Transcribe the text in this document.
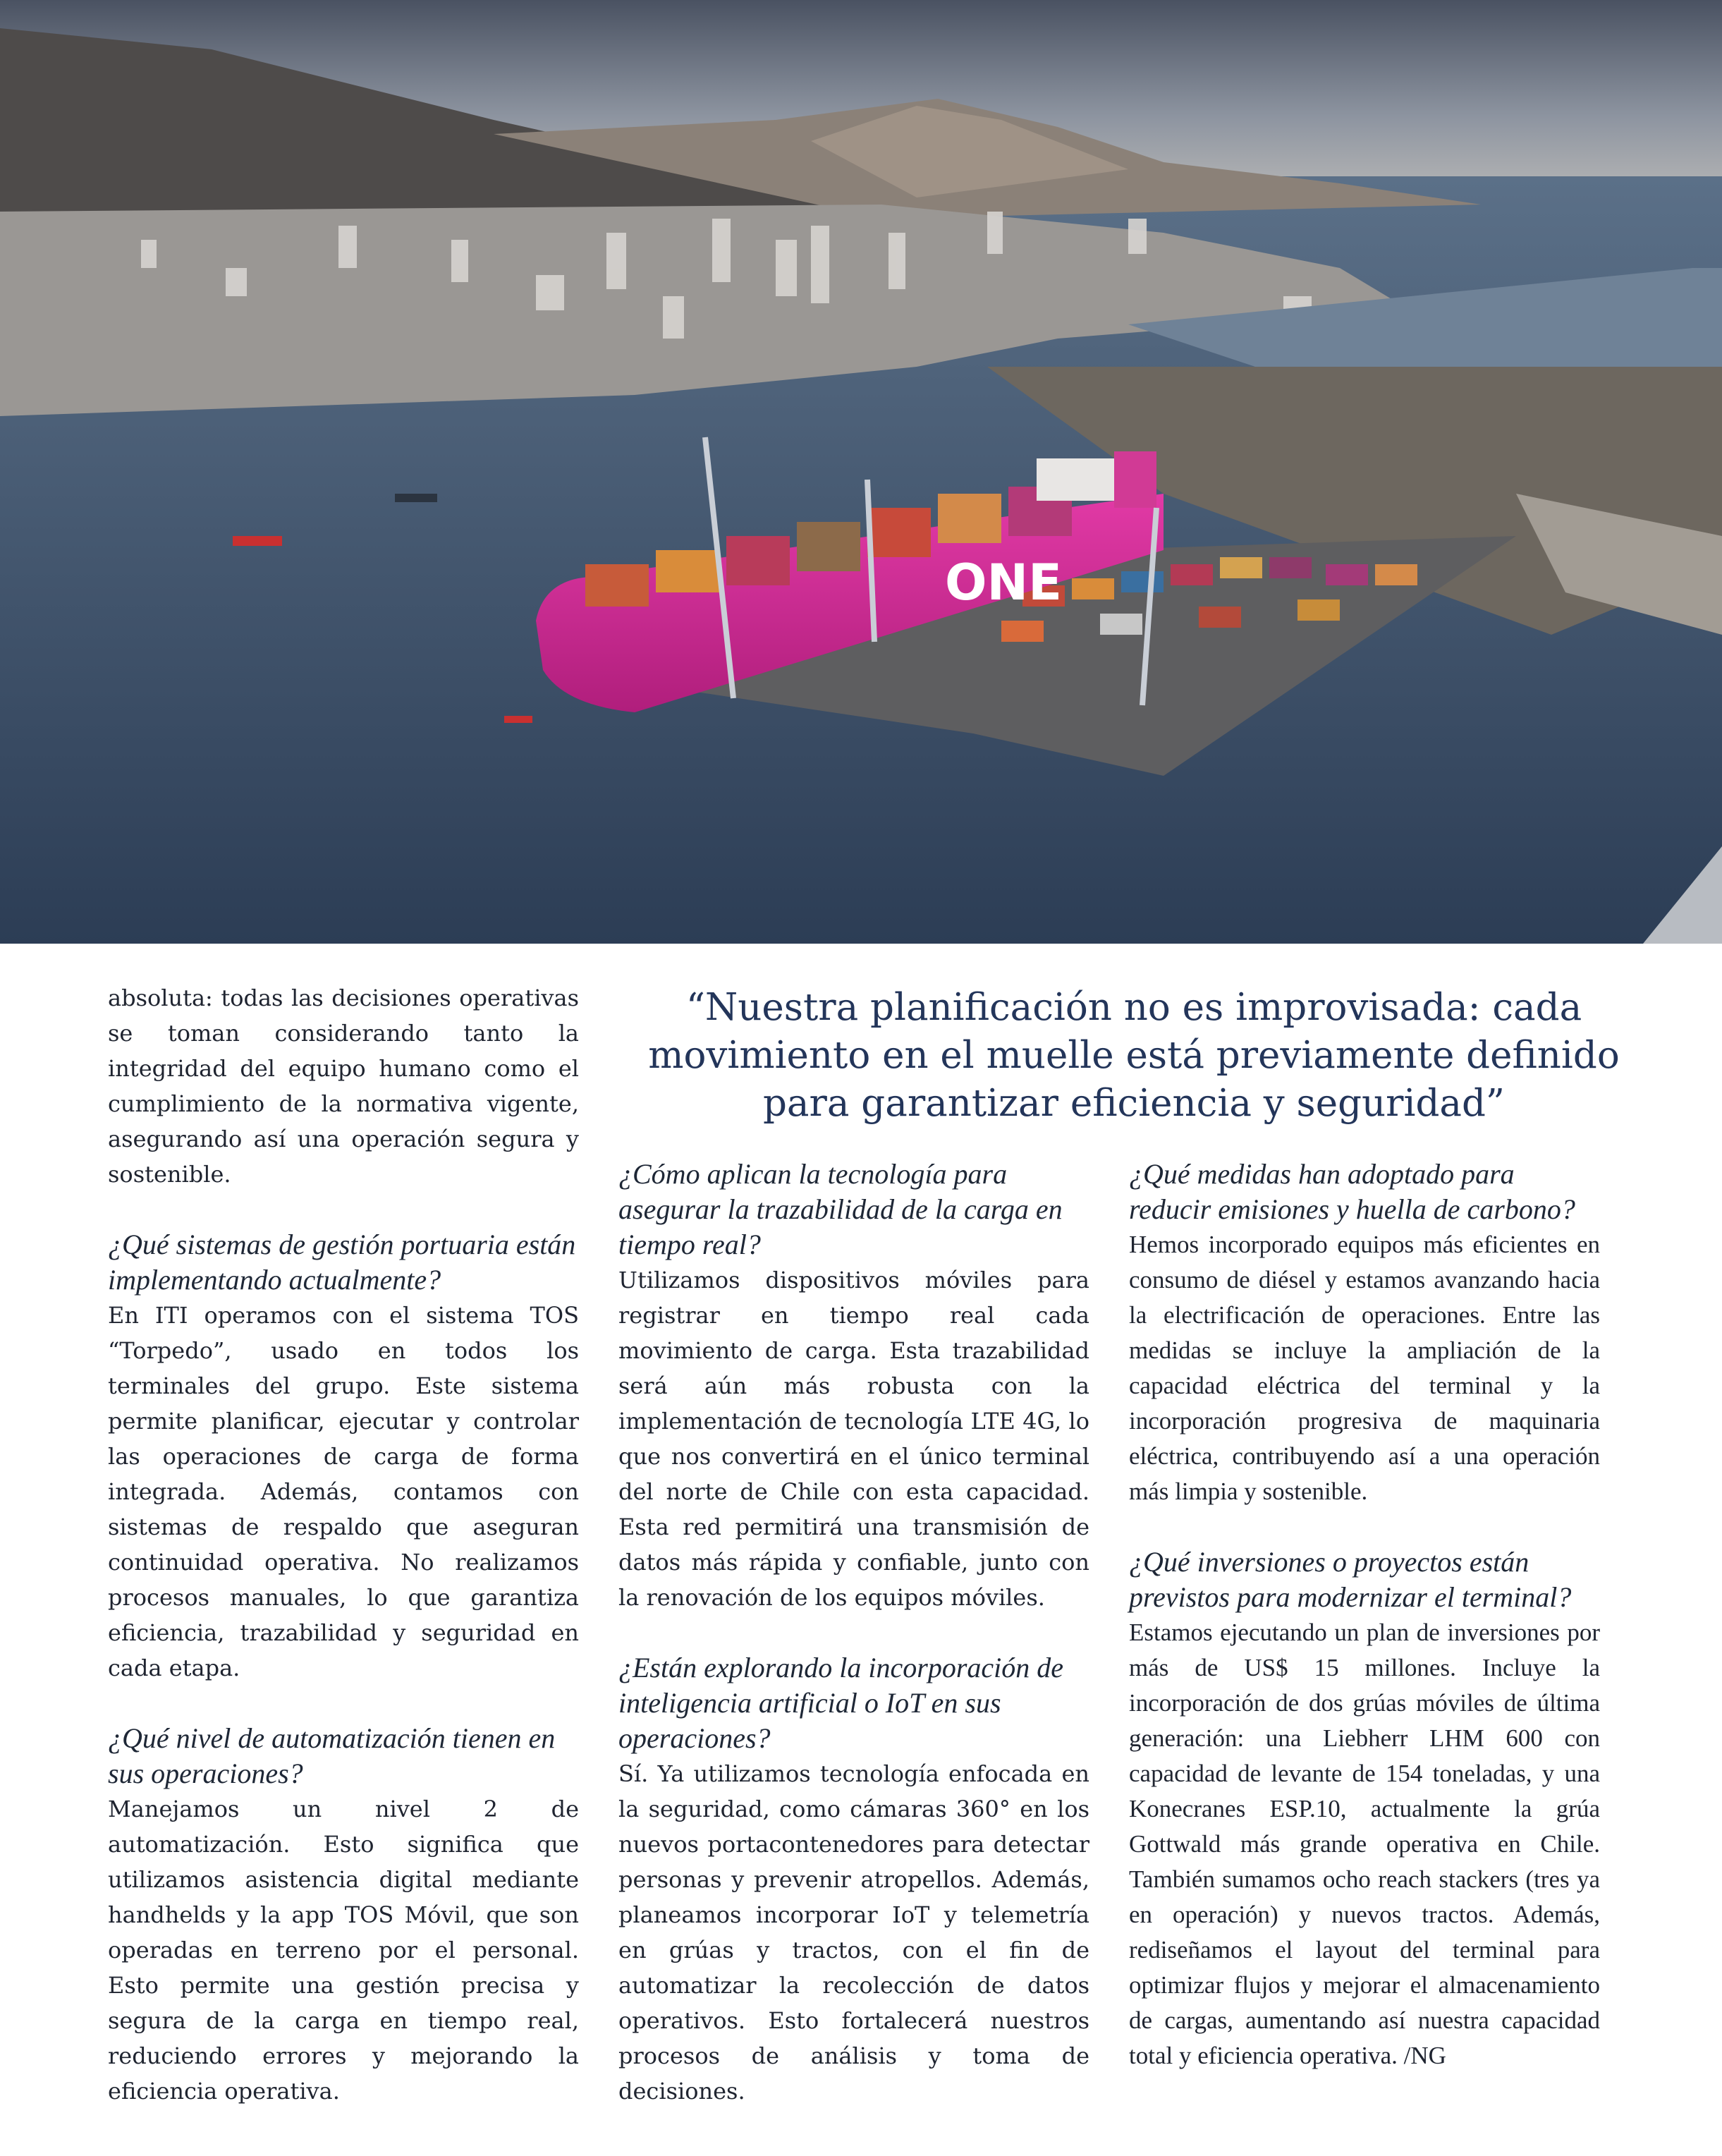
ONE

“Nuestra planificación no es improvisada: cada movimiento en el muelle está previamente definido para garantizar eficiencia y seguridad”

absoluta: todas las decisiones operativas se toman considerando tanto la integridad del equipo humano como el cumplimiento de la normativa vigente, asegurando así una operación segura y sostenible.

¿Qué sistemas de gestión portuaria están implementando actualmente?

En ITI operamos con el sistema TOS “Torpedo”, usado en todos los terminales del grupo. Este sistema permite planificar, ejecutar y controlar las operaciones de carga de forma integrada. Además, contamos con sistemas de respaldo que aseguran continuidad operativa. No realizamos procesos manuales, lo que garantiza eficiencia, trazabilidad y seguridad en cada etapa.

¿Qué nivel de automatización tienen en sus operaciones?

Manejamos un nivel 2 de automatización. Esto significa que utilizamos asistencia digital mediante handhelds y la app TOS Móvil, que son operadas en terreno por el personal. Esto permite una gestión precisa y segura de la carga en tiempo real, reduciendo errores y mejorando la eficiencia operativa.

¿Cómo aplican la tecnología para asegurar la trazabilidad de la carga en tiempo real?

Utilizamos dispositivos móviles para registrar en tiempo real cada movimiento de carga. Esta trazabilidad será aún más robusta con la implementación de tecnología LTE 4G, lo que nos convertirá en el único terminal del norte de Chile con esta capacidad. Esta red permitirá una transmisión de datos más rápida y confiable, junto con la renovación de los equipos móviles.

¿Están explorando la incorporación de inteligencia artificial o IoT en sus operaciones?

Sí. Ya utilizamos tecnología enfocada en la seguridad, como cámaras 360° en los nuevos portacontenedores para detectar personas y prevenir atropellos. Además, planeamos incorporar IoT y telemetría en grúas y tractos, con el fin de automatizar la recolección de datos operativos. Esto fortalecerá nuestros procesos de análisis y toma de decisiones.

¿Qué medidas han adoptado para reducir emisiones y huella de carbono?

Hemos incorporado equipos más eficientes en consumo de diésel y estamos avanzando hacia la electrificación de operaciones. Entre las medidas se incluye la ampliación de la capacidad eléctrica del terminal y la incorporación progresiva de maquinaria eléctrica, contribuyendo así a una operación más limpia y sostenible.

¿Qué inversiones o proyectos están previstos para modernizar el terminal?

Estamos ejecutando un plan de inversiones por más de US$ 15 millones. Incluye la incorporación de dos grúas móviles de última generación: una Liebherr LHM 600 con capacidad de levante de 154 toneladas, y una Konecranes ESP.10, actualmente la grúa Gottwald más grande operativa en Chile. También sumamos ocho reach stackers (tres ya en operación) y nuevos tractos. Además, rediseñamos el layout del terminal para optimizar flujos y mejorar el almacenamiento de cargas, aumentando así nuestra capacidad total y eficiencia operativa. /NG
